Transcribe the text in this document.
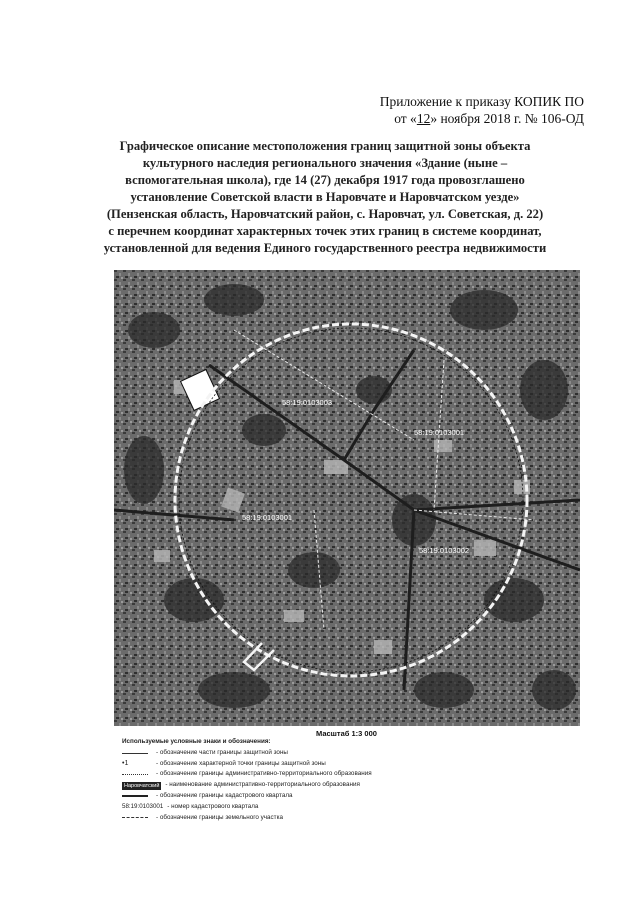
Приложение к приказу КОПИК ПО
от «12» ноября 2018 г. № 106-ОД
Графическое описание местоположения границ защитной зоны объекта
культурного наследия регионального значения «Здание (ныне –
вспомогательная школа), где 14 (27) декабря 1917 года провозглашено
установление Советской власти в Наровчате и Наровчатском уезде»
(Пензенская область, Наровчатский район, с. Наровчат, ул. Советская, д. 22)
с перечнем координат характерных точек этих границ в системе координат,
установленной для ведения Единого государственного реестра недвижимости
58:19:0103003
58:19:0103001
58:19:0103002
58:19:0103001
Масштаб 1:3 000
Используемые условные знаки и обозначения:
- обозначение части границы защитной зоны
•1	- обозначение характерной точки границы защитной зоны
- обозначение границы административно-территориального образования
Наровчатский - наименование административно-территориального образования
- обозначение границы кадастрового квартала
58:19:0103001 - номер кадастрового квартала
- обозначение границы земельного участка
